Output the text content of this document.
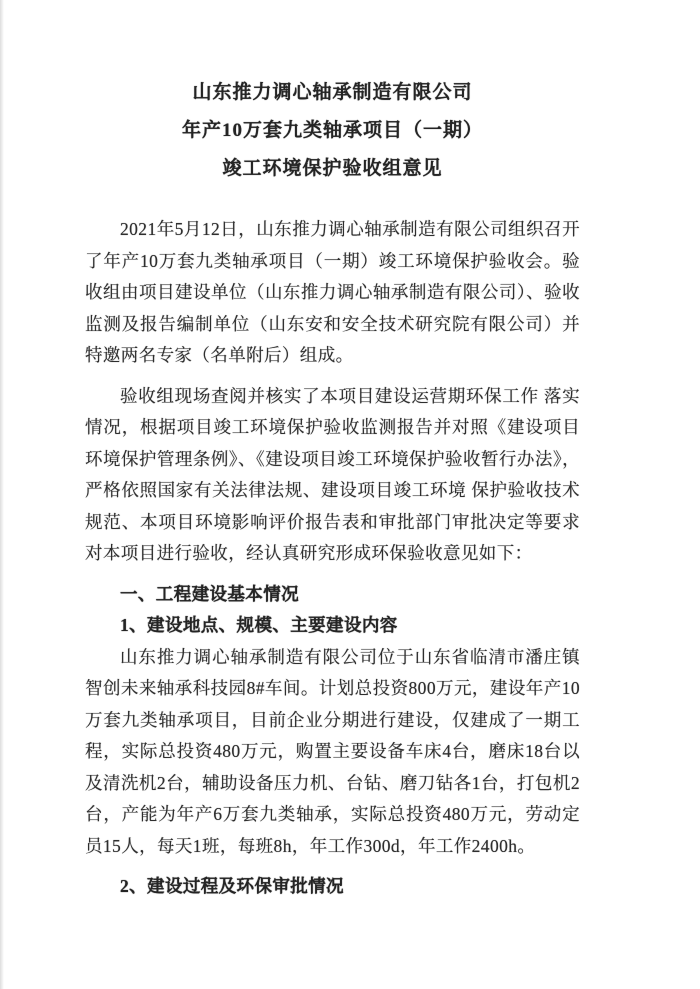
山东推力调心轴承制造有限公司
年产10万套九类轴承项目（一期）
竣工环境保护验收组意见

2021年5月12日，山东推力调心轴承制造有限公司组织召开了年产10万套九类轴承项目（一期）竣工环境保护验收会。验收组由项目建设单位（山东推力调心轴承制造有限公司）、验收监测及报告编制单位（山东安和安全技术研究院有限公司）并特邀两名专家（名单附后）组成。

验收组现场查阅并核实了本项目建设运营期环保工作 落实情况，根据项目竣工环境保护验收监测报告并对照《建设项目环境保护管理条例》、《建设项目竣工环境保护验收暂行办法》，严格依照国家有关法律法规、建设项目竣工环境 保护验收技术规范、本项目环境影响评价报告表和审批部门审批决定等要求对本项目进行验收，经认真研究形成环保验收意见如下：

一、工程建设基本情况

1、建设地点、规模、主要建设内容

山东推力调心轴承制造有限公司位于山东省临清市潘庄镇智创未来轴承科技园8#车间。计划总投资800万元，建设年产10万套九类轴承项目，目前企业分期进行建设，仅建成了一期工程，实际总投资480万元，购置主要设备车床4台，磨床18台以及清洗机2台，辅助设备压力机、台钻、磨刀钻各1台，打包机2台，产能为年产6万套九类轴承，实际总投资480万元，劳动定员15人，每天1班，每班8h，年工作300d，年工作2400h。

2、建设过程及环保审批情况
